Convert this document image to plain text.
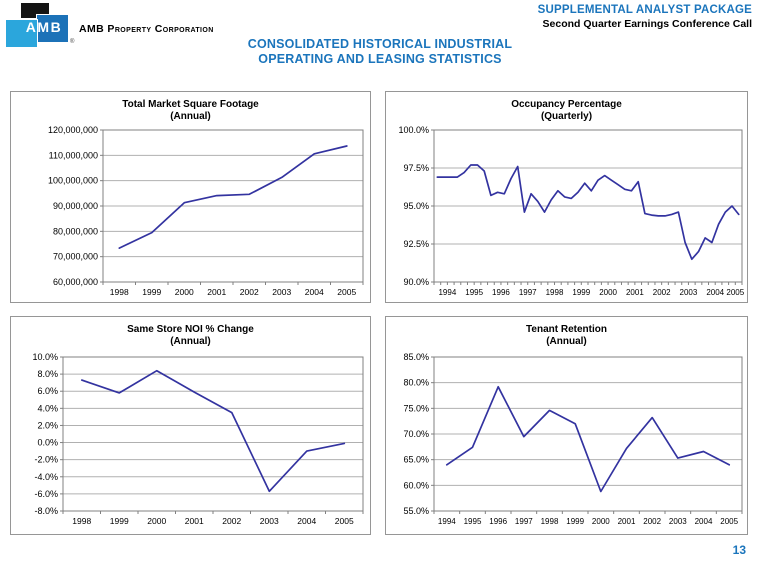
AMB
®
AMB Property Corporation
SUPPLEMENTAL ANALYST PACKAGE
Second Quarter Earnings Conference Call
CONSOLIDATED HISTORICAL INDUSTRIAL
OPERATING AND LEASING STATISTICS
Total Market Square Footage
(Annual)
60,000,000
70,000,000
80,000,000
90,000,000
100,000,000
110,000,000
120,000,000
1998 1999 2000 2001 2002 2003 2004 2005
Occupancy Percentage
(Quarterly)
90.0%
92.5%
95.0%
97.5%
100.0%
1994 1995 1996 1997 1998 1999 2000 2001 2002 2003 2004 2005
Same Store NOI % Change
(Annual)
-8.0%
-6.0%
-4.0%
-2.0%
0.0%
2.0%
4.0%
6.0%
8.0%
10.0%
1998 1999 2000 2001 2002 2003 2004 2005
Tenant Retention
(Annual)
55.0%
60.0%
65.0%
70.0%
75.0%
80.0%
85.0%
1994 1995 1996 1997 1998 1999 2000 2001 2002 2003 2004 2005
13
